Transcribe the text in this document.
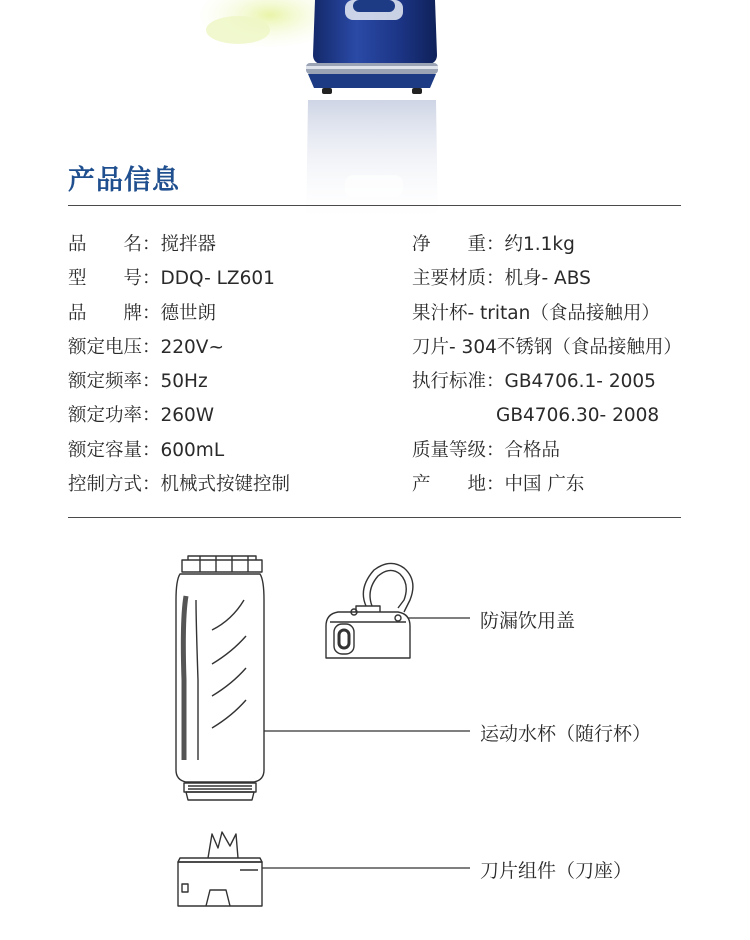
产品信息
品　　名：搅拌器
型　　号：DDQ- LZ601
品　　牌：德世朗
额定电压：220V~
额定频率：50Hz
额定功率：260W
额定容量：600mL
控制方式：机械式按键控制
净　　重：约1.1kg
主要材质：机身- ABS
果汁杯- tritan（食品接触用）
刀片- 304不锈钢（食品接触用）
执行标准：GB4706.1- 2005
GB4706.30- 2008
质量等级：合格品
产　　地：中国 广东
防漏饮用盖
运动水杯（随行杯）
刀片组件（刀座）
